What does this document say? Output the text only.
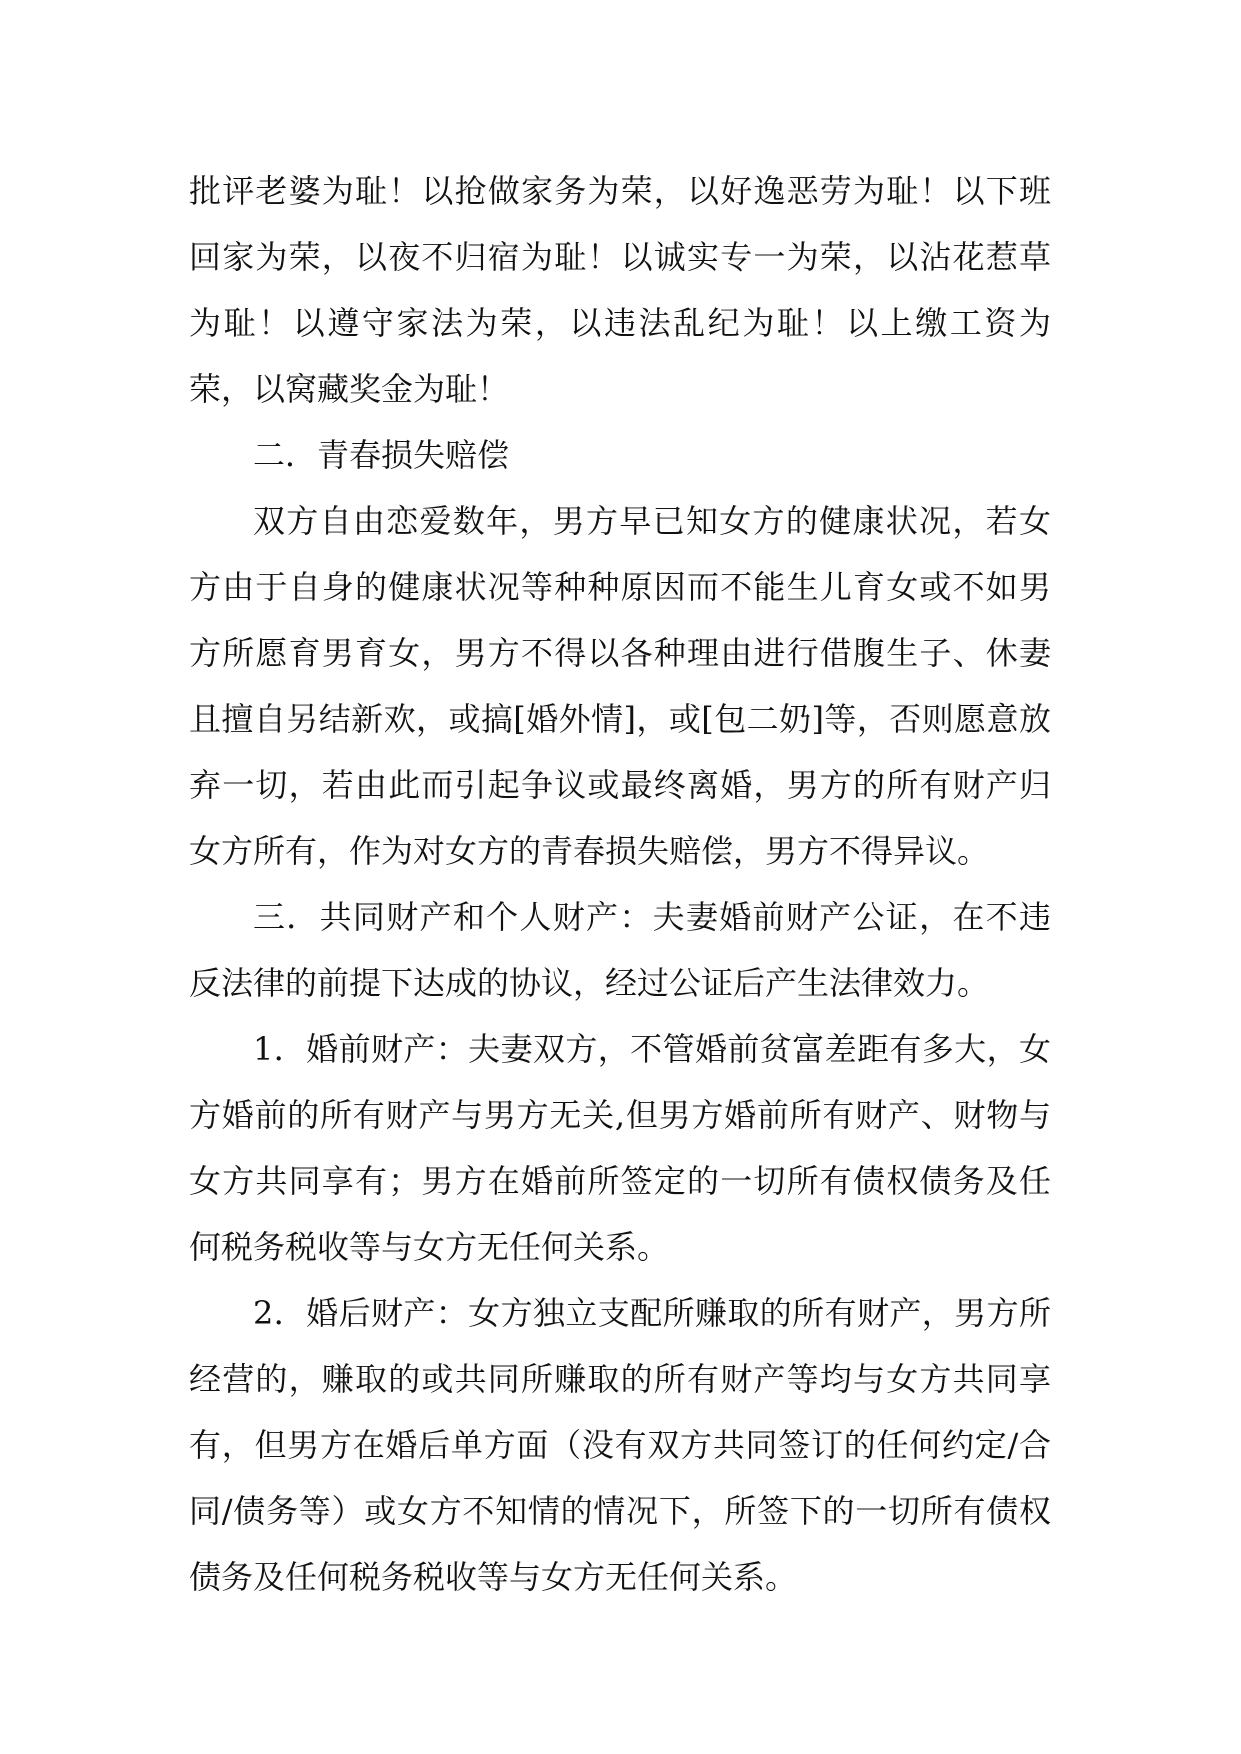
批评老婆为耻！以抢做家务为荣，以好逸恶劳为耻！以下班回家为荣，以夜不归宿为耻！以诚实专一为荣，以沾花惹草为耻！以遵守家法为荣，以违法乱纪为耻！以上缴工资为荣，以窝藏奖金为耻！

二．青春损失赔偿

双方自由恋爱数年，男方早已知女方的健康状况，若女方由于自身的健康状况等种种原因而不能生儿育女或不如男方所愿育男育女，男方不得以各种理由进行借腹生子、休妻且擅自另结新欢，或搞[婚外情]，或[包二奶]等，否则愿意放弃一切，若由此而引起争议或最终离婚，男方的所有财产归女方所有，作为对女方的青春损失赔偿，男方不得异议。

三．共同财产和个人财产：夫妻婚前财产公证，在不违反法律的前提下达成的协议，经过公证后产生法律效力。

1．婚前财产：夫妻双方，不管婚前贫富差距有多大，女方婚前的所有财产与男方无关,但男方婚前所有财产、财物与女方共同享有；男方在婚前所签定的一切所有债权债务及任何税务税收等与女方无任何关系。

2．婚后财产：女方独立支配所赚取的所有财产，男方所经营的，赚取的或共同所赚取的所有财产等均与女方共同享有，但男方在婚后单方面（没有双方共同签订的任何约定/合同/债务等）或女方不知情的情况下，所签下的一切所有债权债务及任何税务税收等与女方无任何关系。
